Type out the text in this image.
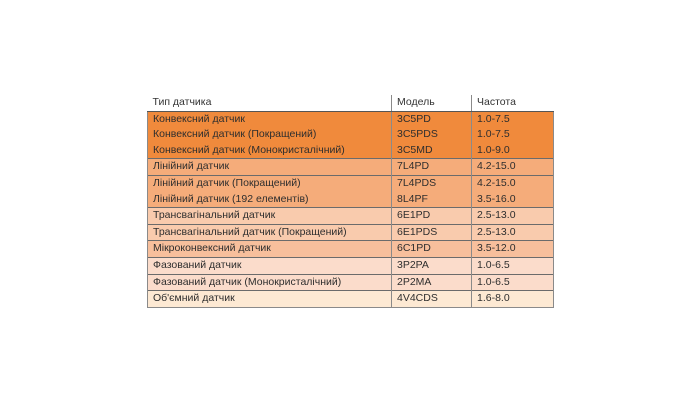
Тип датчика	Модель	Частота
Конвексний датчик	3C5PD	1.0-7.5
Конвексний датчик (Покращений)	3C5PDS	1.0-7.5
Конвексний датчик (Монокристалічний)	3C5MD	1.0-9.0
Лінійний датчик	7L4PD	4.2-15.0
Лінійний датчик (Покращений)	7L4PDS	4.2-15.0
Лінійний датчик (192 елементів)	8L4PF	3.5-16.0
Трансвагінальний датчик	6E1PD	2.5-13.0
Трансвагінальний датчик (Покращений)	6E1PDS	2.5-13.0
Мікроконвексний датчик	6C1PD	3.5-12.0
Фазований датчик	3P2PA	1.0-6.5
Фазований датчик (Монокристалічний)	2P2MA	1.0-6.5
Об'ємний датчик	4V4CDS	1.6-8.0
